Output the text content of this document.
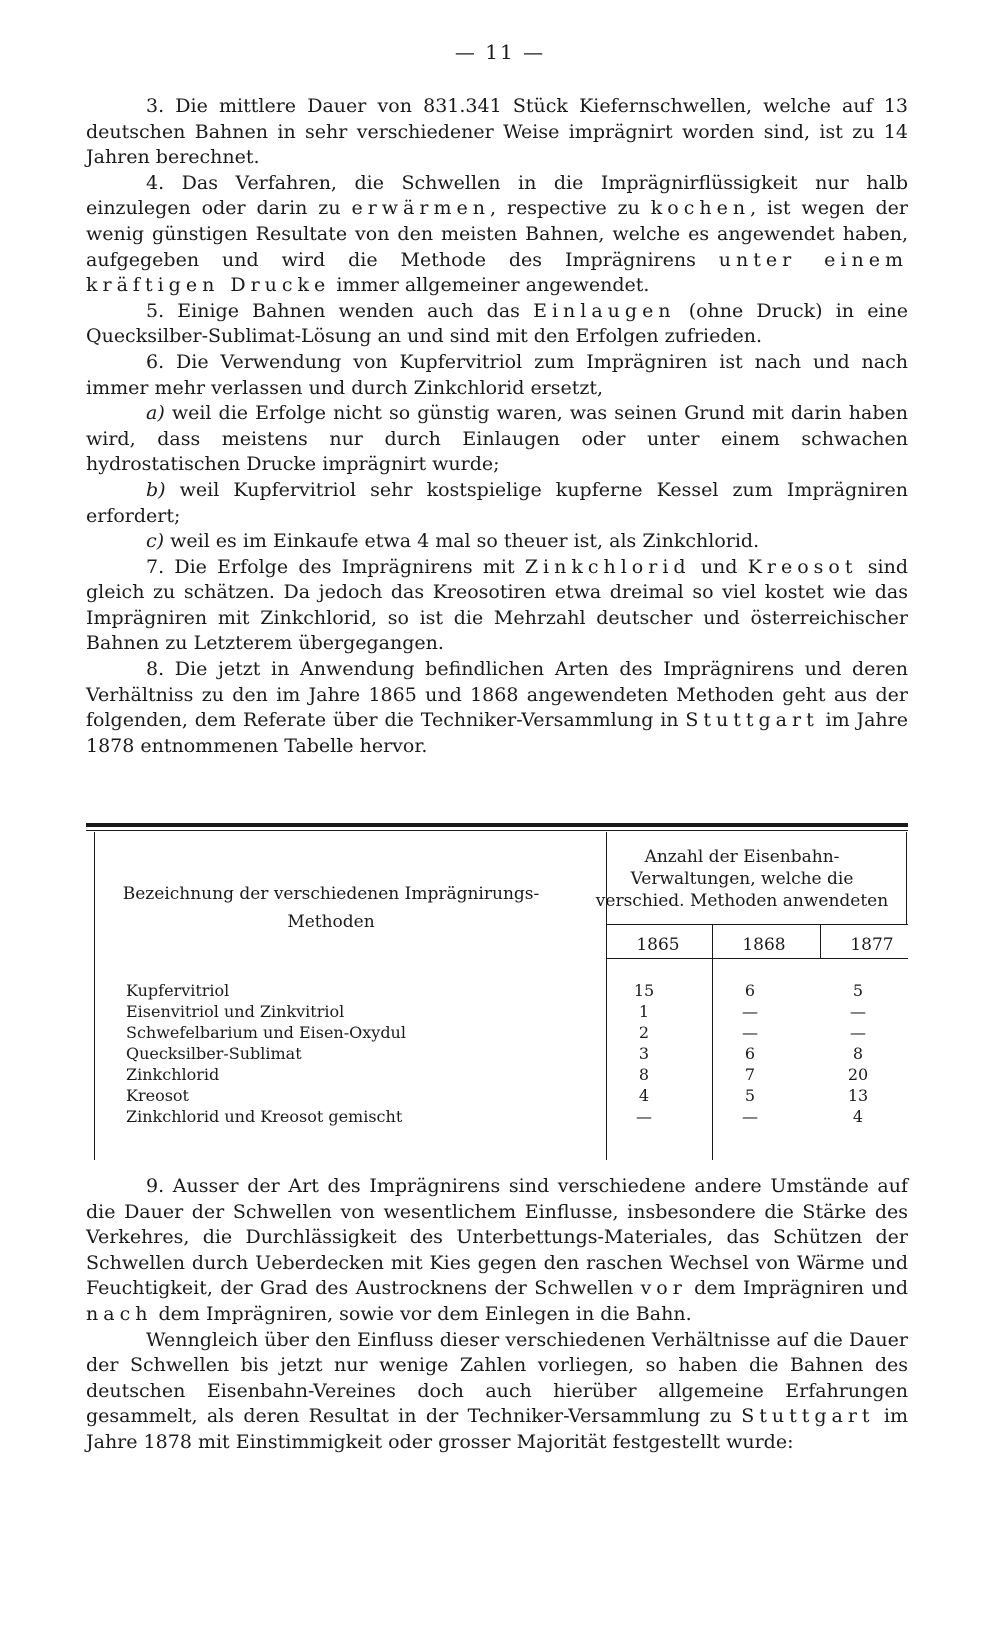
— 11 —

3. Die mittlere Dauer von 831.341 Stück Kiefernschwellen, welche auf 13 deutschen Bahnen in sehr verschiedener Weise imprägnirt worden sind, ist zu 14 Jahren berechnet.

4. Das Verfahren, die Schwellen in die Imprägnirflüssigkeit nur halb einzulegen oder darin zu erwärmen, respective zu kochen, ist wegen der wenig günstigen Resultate von den meisten Bahnen, welche es angewendet haben, aufgegeben und wird die Methode des Imprägnirens unter einem kräftigen Drucke immer allgemeiner angewendet.

5. Einige Bahnen wenden auch das Einlaugen (ohne Druck) in eine Quecksilber-Sublimat-Lösung an und sind mit den Erfolgen zufrieden.

6. Die Verwendung von Kupfervitriol zum Imprägniren ist nach und nach immer mehr verlassen und durch Zinkchlorid ersetzt,

a) weil die Erfolge nicht so günstig waren, was seinen Grund mit darin haben wird, dass meistens nur durch Einlaugen oder unter einem schwachen hydrostatischen Drucke imprägnirt wurde;

b) weil Kupfervitriol sehr kostspielige kupferne Kessel zum Imprägniren erfordert;

c) weil es im Einkaufe etwa 4 mal so theuer ist, als Zinkchlorid.

7. Die Erfolge des Imprägnirens mit Zinkchlorid und Kreosot sind gleich zu schätzen. Da jedoch das Kreosotiren etwa dreimal so viel kostet wie das Imprägniren mit Zinkchlorid, so ist die Mehrzahl deutscher und österreichischer Bahnen zu Letzterem übergegangen.

8. Die jetzt in Anwendung befindlichen Arten des Imprägnirens und deren Verhältniss zu den im Jahre 1865 und 1868 angewendeten Methoden geht aus der folgenden, dem Referate über die Techniker-Versammlung in Stuttgart im Jahre 1878 entnommenen Tabelle hervor.

Bezeichnung der verschiedenen Imprägnirungs-Methoden
Anzahl der Eisenbahn-Verwaltungen, welche die verschied. Methoden anwendeten
1865	1868	1877
Kupfervitriol . . .	15	6	5
Eisenvitriol und Zinkvitriol . . .	1	—	—
Schwefelbarium und Eisen-Oxydul . . .	2	—	—
Quecksilber-Sublimat . . .	3	6	8
Zinkchlorid . . .	8	7	20
Kreosot . . .	4	5	13
Zinkchlorid und Kreosot gemischt . . .	—	—	4

9. Ausser der Art des Imprägnirens sind verschiedene andere Umstände auf die Dauer der Schwellen von wesentlichem Einflusse, insbesondere die Stärke des Verkehres, die Durchlässigkeit des Unterbettungs-Materiales, das Schützen der Schwellen durch Ueberdecken mit Kies gegen den raschen Wechsel von Wärme und Feuchtigkeit, der Grad des Austrocknens der Schwellen vor dem Imprägniren und nach dem Imprägniren, sowie vor dem Einlegen in die Bahn.

Wenngleich über den Einfluss dieser verschiedenen Verhältnisse auf die Dauer der Schwellen bis jetzt nur wenige Zahlen vorliegen, so haben die Bahnen des deutschen Eisenbahn-Vereines doch auch hierüber allgemeine Erfahrungen gesammelt, als deren Resultat in der Techniker-Versammlung zu Stuttgart im Jahre 1878 mit Einstimmigkeit oder grosser Majorität festgestellt wurde:
